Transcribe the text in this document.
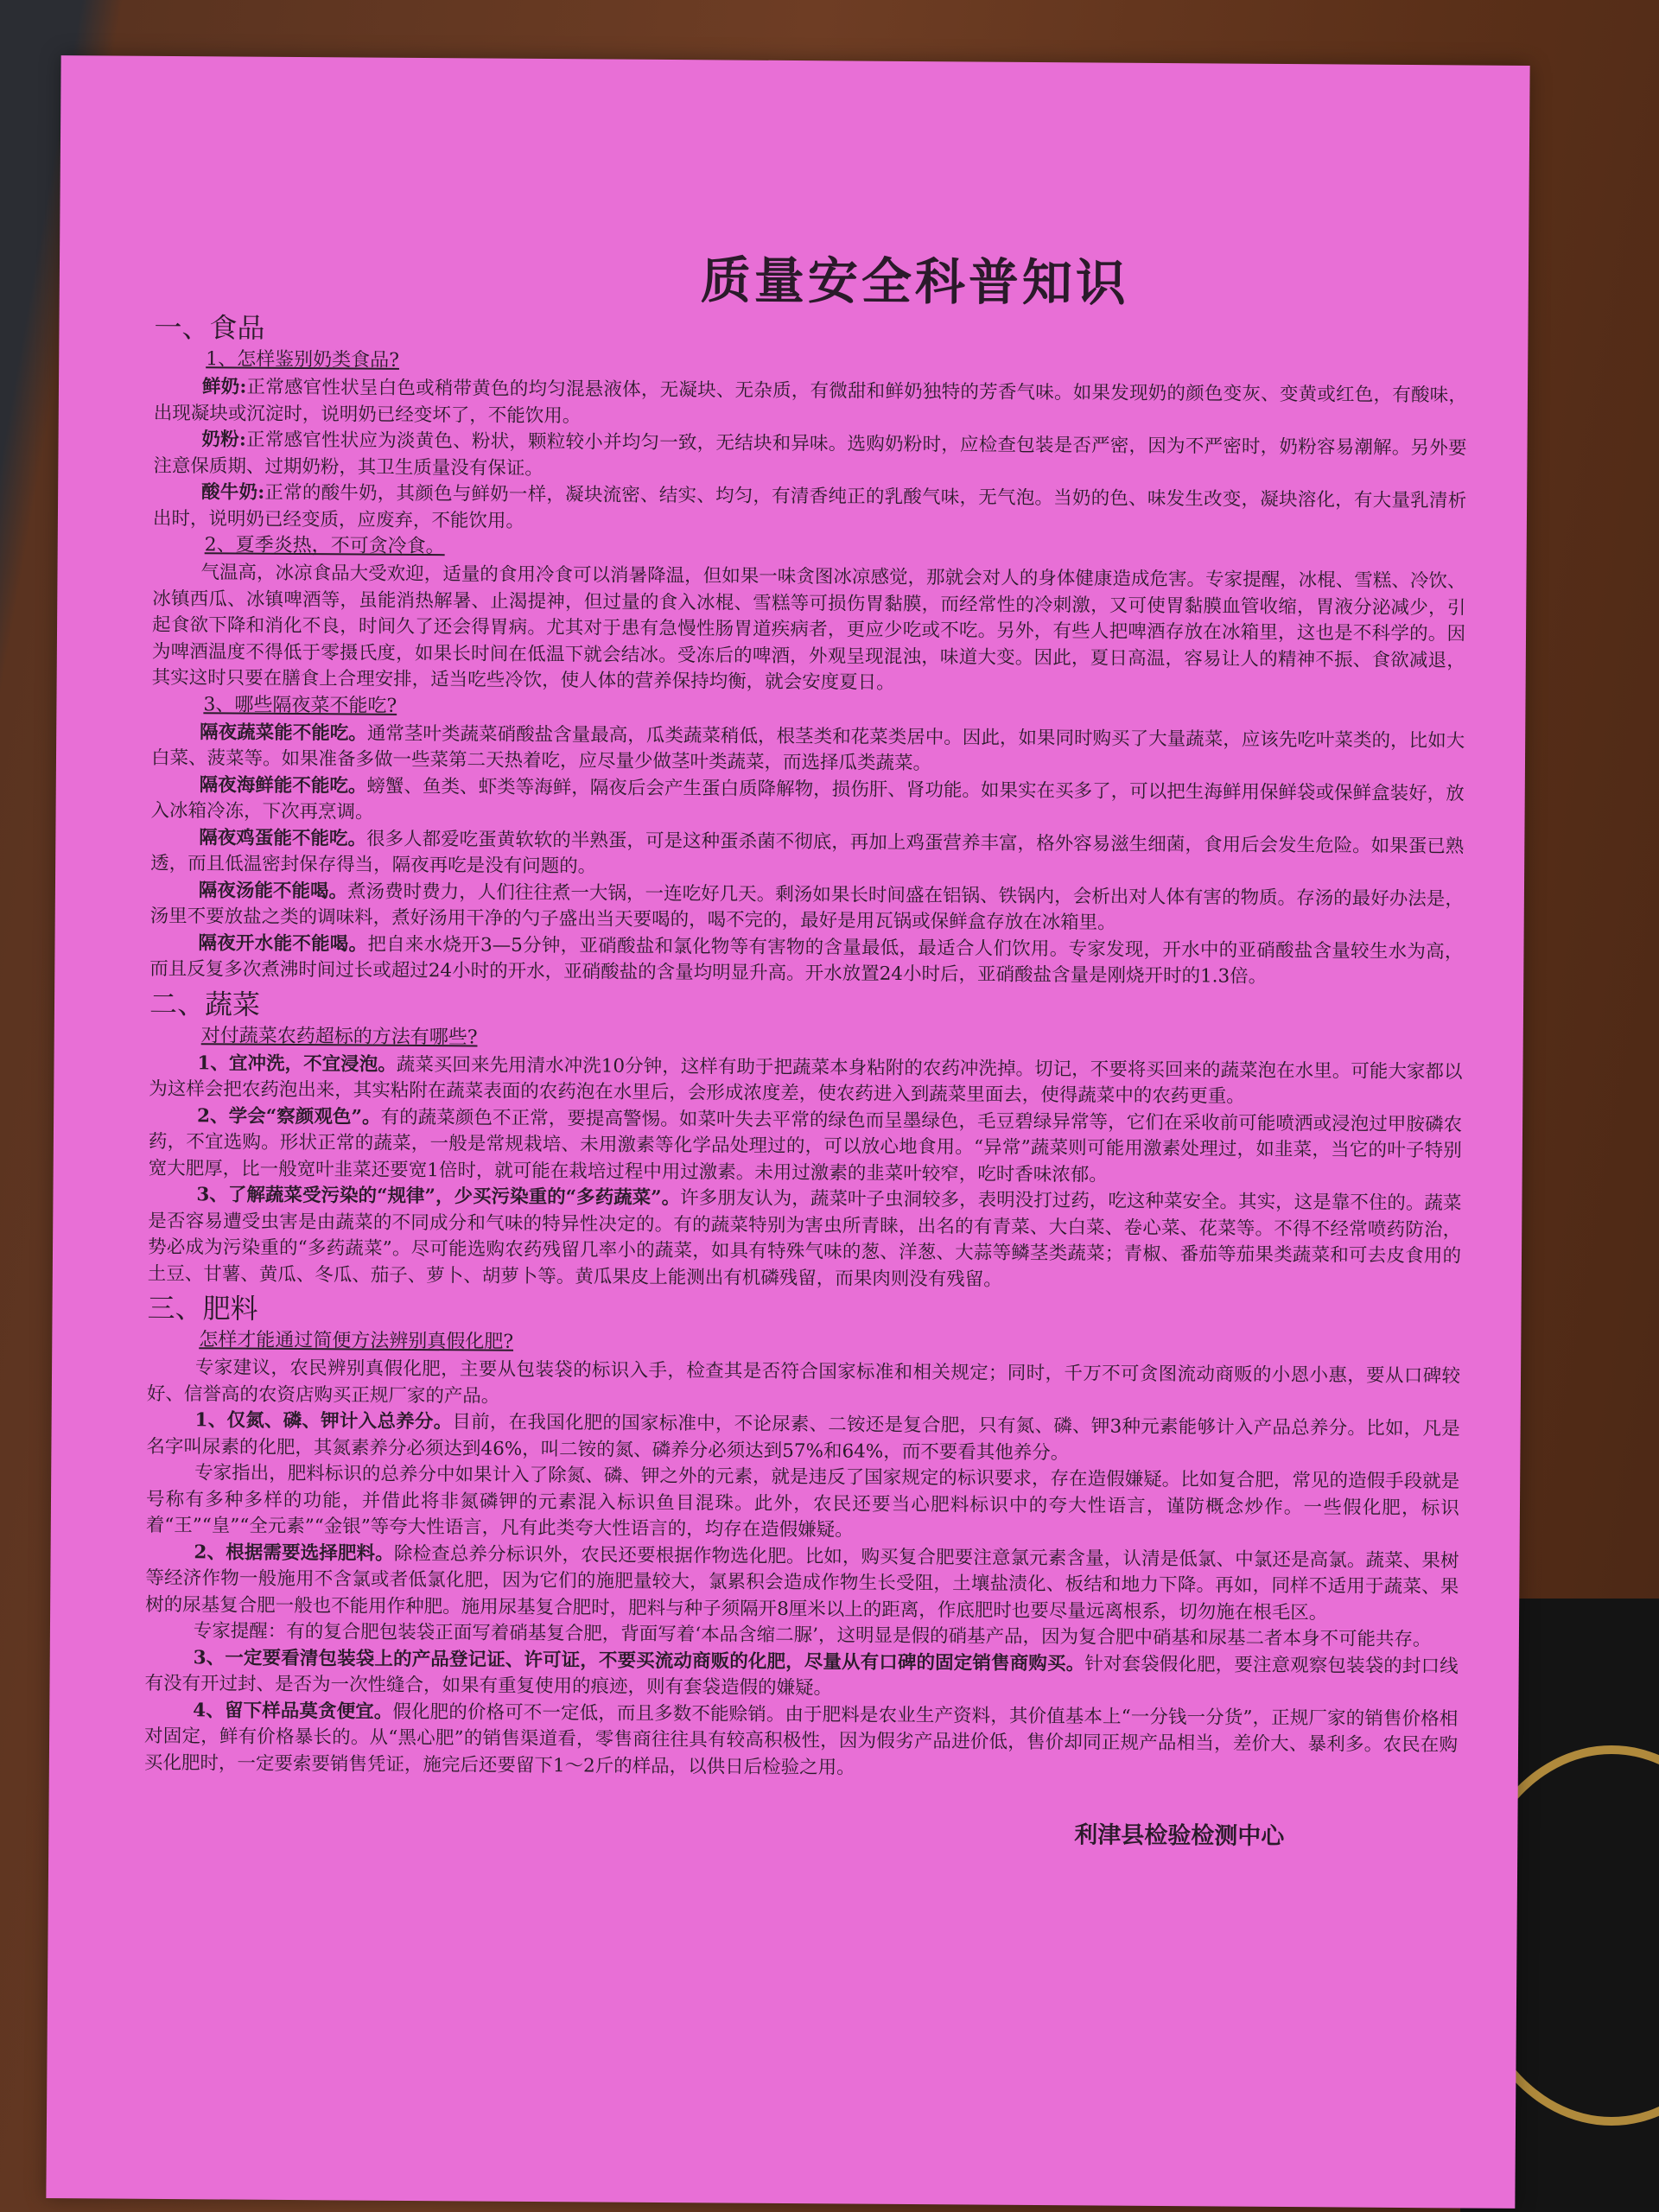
质量安全科普知识
一、食品
1、怎样鉴别奶类食品?

鲜奶:正常感官性状呈白色或稍带黄色的均匀混悬液体，无凝块、无杂质，有微甜和鲜奶独特的芳香气味。如果发现奶的颜色变灰、变黄或红色，有酸味，出现凝块或沉淀时，说明奶已经变坏了，不能饮用。

奶粉:正常感官性状应为淡黄色、粉状，颗粒较小并均匀一致，无结块和异味。选购奶粉时，应检查包装是否严密，因为不严密时，奶粉容易潮解。另外要注意保质期、过期奶粉，其卫生质量没有保证。

酸牛奶:正常的酸牛奶，其颜色与鲜奶一样，凝块流密、结实、均匀，有清香纯正的乳酸气味，无气泡。当奶的色、味发生改变，凝块溶化，有大量乳清析出时，说明奶已经变质，应废弃，不能饮用。

2、夏季炎热，不可贪冷食。

气温高，冰凉食品大受欢迎，适量的食用冷食可以消暑降温，但如果一味贪图冰凉感觉，那就会对人的身体健康造成危害。专家提醒，冰棍、雪糕、冷饮、冰镇西瓜、冰镇啤酒等，虽能消热解暑、止渴提神，但过量的食入冰棍、雪糕等可损伤胃黏膜，而经常性的冷刺激，又可使胃黏膜血管收缩，胃液分泌减少，引起食欲下降和消化不良，时间久了还会得胃病。尤其对于患有急慢性肠胃道疾病者，更应少吃或不吃。另外，有些人把啤酒存放在冰箱里，这也是不科学的。因为啤酒温度不得低于零摄氏度，如果长时间在低温下就会结冰。受冻后的啤酒，外观呈现混浊，味道大变。因此，夏日高温，容易让人的精神不振、食欲减退，其实这时只要在膳食上合理安排，适当吃些冷饮，使人体的营养保持均衡，就会安度夏日。

3、哪些隔夜菜不能吃?

隔夜蔬菜能不能吃。通常茎叶类蔬菜硝酸盐含量最高，瓜类蔬菜稍低，根茎类和花菜类居中。因此，如果同时购买了大量蔬菜，应该先吃叶菜类的，比如大白菜、菠菜等。如果准备多做一些菜第二天热着吃，应尽量少做茎叶类蔬菜，而选择瓜类蔬菜。

隔夜海鲜能不能吃。螃蟹、鱼类、虾类等海鲜，隔夜后会产生蛋白质降解物，损伤肝、肾功能。如果实在买多了，可以把生海鲜用保鲜袋或保鲜盒装好，放入冰箱冷冻，下次再烹调。

隔夜鸡蛋能不能吃。很多人都爱吃蛋黄软软的半熟蛋，可是这种蛋杀菌不彻底，再加上鸡蛋营养丰富，格外容易滋生细菌，食用后会发生危险。如果蛋已熟透，而且低温密封保存得当，隔夜再吃是没有问题的。

隔夜汤能不能喝。煮汤费时费力，人们往往煮一大锅，一连吃好几天。剩汤如果长时间盛在铝锅、铁锅内，会析出对人体有害的物质。存汤的最好办法是，汤里不要放盐之类的调味料，煮好汤用干净的勺子盛出当天要喝的，喝不完的，最好是用瓦锅或保鲜盒存放在冰箱里。

隔夜开水能不能喝。把自来水烧开3—5分钟，亚硝酸盐和氯化物等有害物的含量最低，最适合人们饮用。专家发现，开水中的亚硝酸盐含量较生水为高，而且反复多次煮沸时间过长或超过24小时的开水，亚硝酸盐的含量均明显升高。开水放置24小时后，亚硝酸盐含量是刚烧开时的1.3倍。

二、蔬菜
对付蔬菜农药超标的方法有哪些?

1、宜冲洗，不宜浸泡。蔬菜买回来先用清水冲洗10分钟，这样有助于把蔬菜本身粘附的农药冲洗掉。切记，不要将买回来的蔬菜泡在水里。可能大家都以为这样会把农药泡出来，其实粘附在蔬菜表面的农药泡在水里后，会形成浓度差，使农药进入到蔬菜里面去，使得蔬菜中的农药更重。

2、学会“察颜观色”。有的蔬菜颜色不正常，要提高警惕。如菜叶失去平常的绿色而呈墨绿色，毛豆碧绿异常等，它们在采收前可能喷洒或浸泡过甲胺磷农药，不宜选购。形状正常的蔬菜，一般是常规栽培、未用激素等化学品处理过的，可以放心地食用。“异常”蔬菜则可能用激素处理过，如韭菜，当它的叶子特别宽大肥厚，比一般宽叶韭菜还要宽1倍时，就可能在栽培过程中用过激素。未用过激素的韭菜叶较窄，吃时香味浓郁。

3、了解蔬菜受污染的“规律”，少买污染重的“多药蔬菜”。许多朋友认为，蔬菜叶子虫洞较多，表明没打过药，吃这种菜安全。其实，这是靠不住的。蔬菜是否容易遭受虫害是由蔬菜的不同成分和气味的特异性决定的。有的蔬菜特别为害虫所青睐，出名的有青菜、大白菜、卷心菜、花菜等。不得不经常喷药防治，势必成为污染重的“多药蔬菜”。尽可能选购农药残留几率小的蔬菜，如具有特殊气味的葱、洋葱、大蒜等鳞茎类蔬菜；青椒、番茄等茄果类蔬菜和可去皮食用的土豆、甘薯、黄瓜、冬瓜、茄子、萝卜、胡萝卜等。黄瓜果皮上能测出有机磷残留，而果肉则没有残留。

三、肥料
怎样才能通过简便方法辨别真假化肥?

专家建议，农民辨别真假化肥，主要从包装袋的标识入手，检查其是否符合国家标准和相关规定；同时，千万不可贪图流动商贩的小恩小惠，要从口碑较好、信誉高的农资店购买正规厂家的产品。

1、仅氮、磷、钾计入总养分。目前，在我国化肥的国家标准中，不论尿素、二铵还是复合肥，只有氮、磷、钾3种元素能够计入产品总养分。比如，凡是名字叫尿素的化肥，其氮素养分必须达到46%，叫二铵的氮、磷养分必须达到57%和64%，而不要看其他养分。

专家指出，肥料标识的总养分中如果计入了除氮、磷、钾之外的元素，就是违反了国家规定的标识要求，存在造假嫌疑。比如复合肥，常见的造假手段就是号称有多种多样的功能，并借此将非氮磷钾的元素混入标识鱼目混珠。此外，农民还要当心肥料标识中的夸大性语言，谨防概念炒作。一些假化肥，标识着“王”“皇”“全元素”“金银”等夸大性语言，凡有此类夸大性语言的，均存在造假嫌疑。

2、根据需要选择肥料。除检查总养分标识外，农民还要根据作物选化肥。比如，购买复合肥要注意氯元素含量，认清是低氯、中氯还是高氯。蔬菜、果树等经济作物一般施用不含氯或者低氯化肥，因为它们的施肥量较大，氯累积会造成作物生长受阻，土壤盐渍化、板结和地力下降。再如，同样不适用于蔬菜、果树的尿基复合肥一般也不能用作种肥。施用尿基复合肥时，肥料与种子须隔开8厘米以上的距离，作底肥时也要尽量远离根系，切勿施在根毛区。

专家提醒：有的复合肥包装袋正面写着硝基复合肥，背面写着‘本品含缩二脲’，这明显是假的硝基产品，因为复合肥中硝基和尿基二者本身不可能共存。

3、一定要看清包装袋上的产品登记证、许可证，不要买流动商贩的化肥，尽量从有口碑的固定销售商购买。针对套袋假化肥，要注意观察包装袋的封口线有没有开过封、是否为一次性缝合，如果有重复使用的痕迹，则有套袋造假的嫌疑。

4、留下样品莫贪便宜。假化肥的价格可不一定低，而且多数不能赊销。由于肥料是农业生产资料，其价值基本上“一分钱一分货”，正规厂家的销售价格相对固定，鲜有价格暴长的。从“黑心肥”的销售渠道看，零售商往往具有较高积极性，因为假劣产品进价低，售价却同正规产品相当，差价大、暴利多。农民在购买化肥时，一定要索要销售凭证，施完后还要留下1～2斤的样品，以供日后检验之用。

利津县检验检测中心
